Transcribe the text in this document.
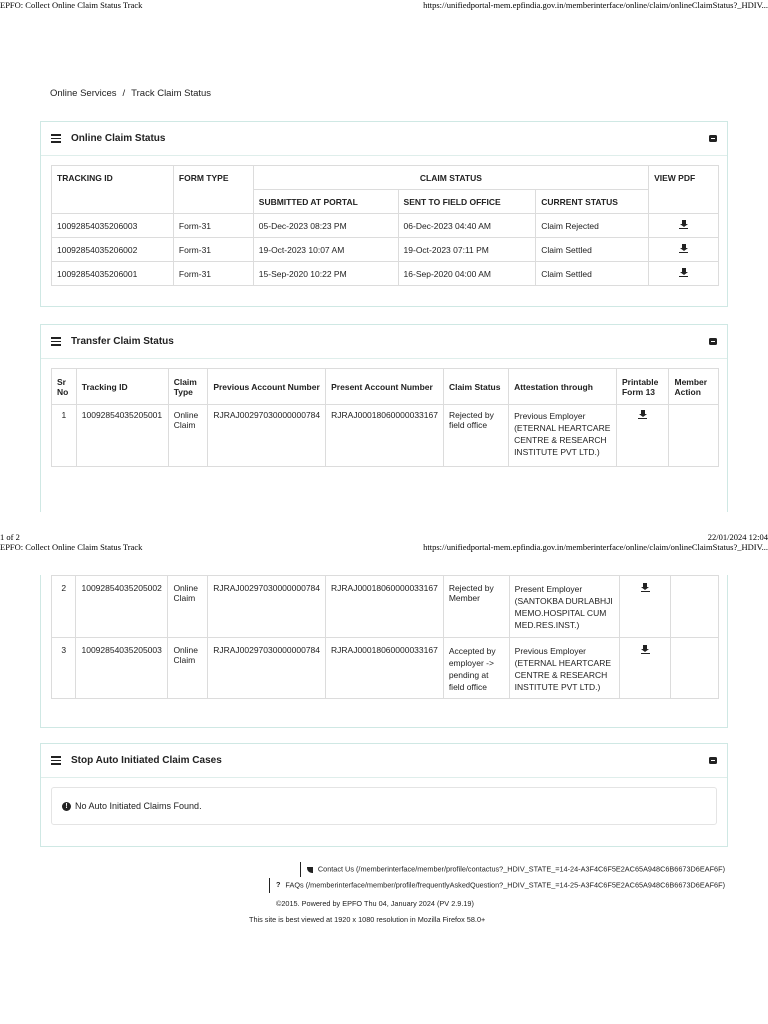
EPFO: Collect Online Claim Status Track	https://unifiedportal-mem.epfindia.gov.in/memberinterface/online/claim/onlineClaimStatus?_HDIV...
Online Services / Track Claim Status
Online Claim Status
TRACKING ID	FORM TYPE	CLAIM STATUS			VIEW PDF
		SUBMITTED AT PORTAL	SENT TO FIELD OFFICE	CURRENT STATUS	
10092854035206003	Form-31	05-Dec-2023 08:23 PM	06-Dec-2023 04:40 AM	Claim Rejected	

10092854035206002	Form-31	19-Oct-2023 10:07 AM	19-Oct-2023 07:11 PM	Claim Settled	

10092854035206001	Form-31	15-Sep-2020 10:22 PM	16-Sep-2020 04:00 AM	Claim Settled	
Transfer Claim Status
Sr No	Tracking ID	Claim Type	Previous Account Number	Present Account Number	Claim Status	Attestation through	Printable Form 13	Member Action
1	10092854035205001	Online Claim	RJRAJ00297030000000784	RJRAJ00018060000033167	Rejected by field office	Previous Employer (ETERNAL HEARTCARE CENTRE & RESEARCH INSTITUTE PVT LTD.)	

1 of 2	22/01/2024 12:04
EPFO: Collect Online Claim Status Track	https://unifiedportal-mem.epfindia.gov.in/memberinterface/online/claim/onlineClaimStatus?_HDIV...
2	10092854035205002	Online Claim	RJRAJ00297030000000784	RJRAJ00018060000033167	Rejected by Member	Present Employer (SANTOKBA DURLABHJI MEMO.HOSPITAL CUM MED.RES.INST.)	

3	10092854035205003	Online Claim	RJRAJ00297030000000784	RJRAJ00018060000033167	Accepted by employer -> pending at field office	Previous Employer (ETERNAL HEARTCARE CENTRE & RESEARCH INSTITUTE PVT LTD.)	

Stop Auto Initiated Claim Cases
! No Auto Initiated Claims Found.
Contact Us (/memberinterface/member/profile/contactus?_HDIV_STATE_=14-24-A3F4C6F5E2AC65A948C6B6673D6EAF6F)
? FAQs (/memberinterface/member/profile/frequentlyAskedQuestion?_HDIV_STATE_=14-25-A3F4C6F5E2AC65A948C6B6673D6EAF6F)
©2015. Powered by EPFO Thu 04, January 2024 (PV 2.9.19)
This site is best viewed at 1920 x 1080 resolution in Mozilla Firefox 58.0+
